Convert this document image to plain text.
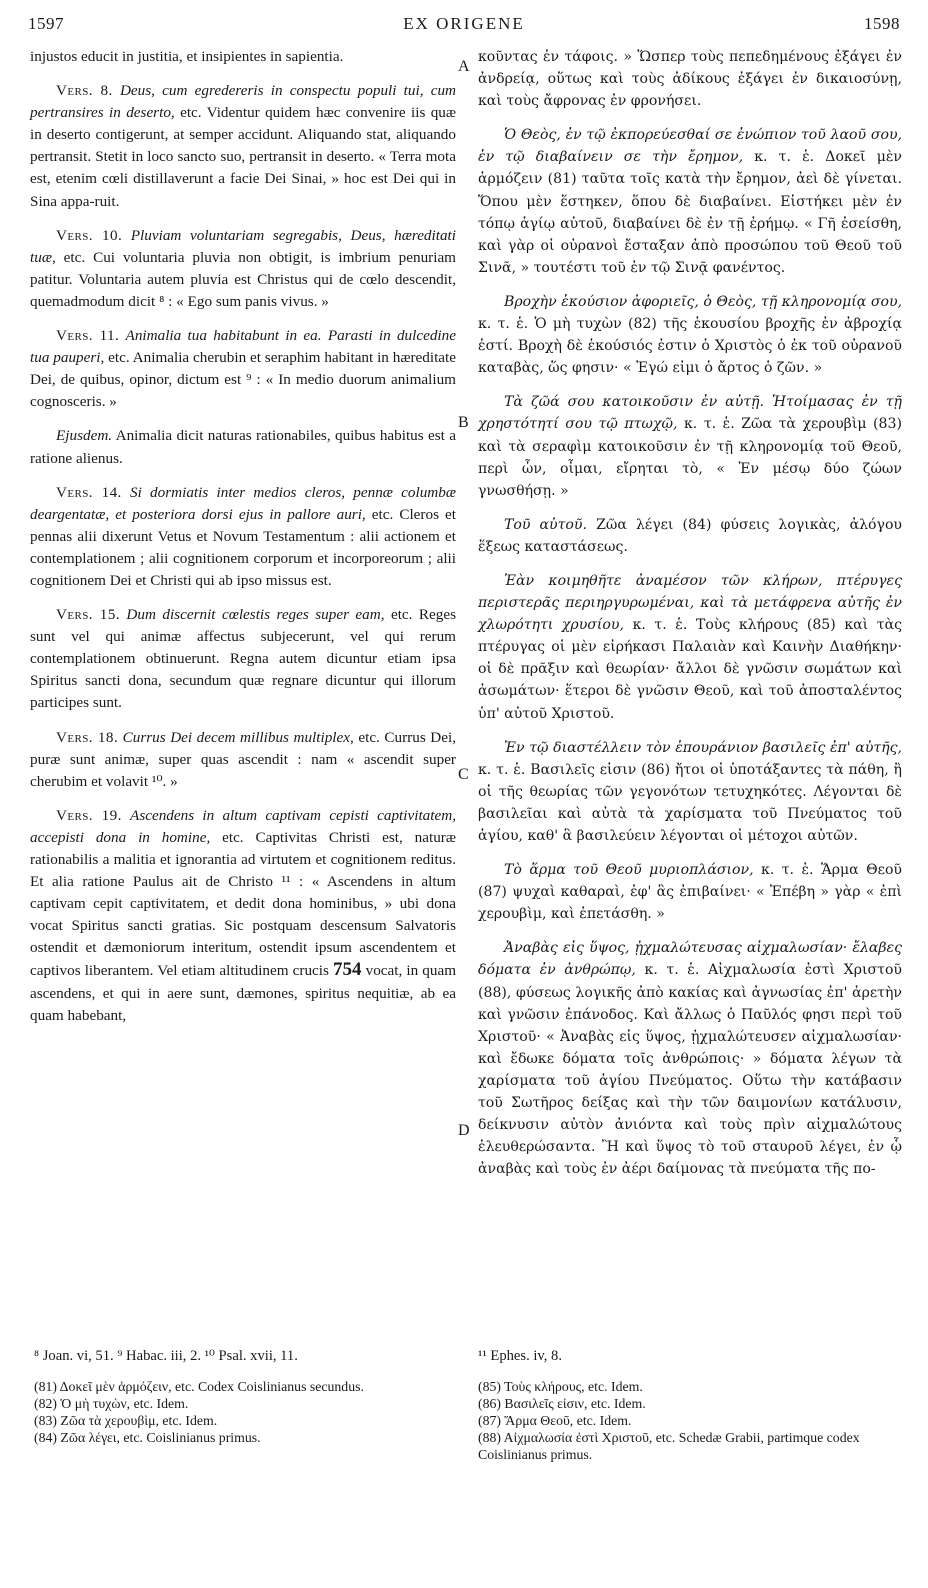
1597	EX ORIGENE	1598
A
B
C
D

injustos educit in justitia, et insipientes in sapientia.

Vers. 8. Deus, cum egredereris in conspectu populi tui, cum pertransires in deserto, etc. Videntur quidem hæc convenire iis quæ in deserto contigerunt, at semper accidunt. Aliquando stat, aliquando pertransit. Stetit in loco sancto suo, pertransit in deserto. « Terra mota est, etenim cœli distillaverunt a facie Dei Sinai, » hoc est Dei qui in Sina appa-ruit.

Vers. 10. Pluviam voluntariam segregabis, Deus, hæreditati tuæ, etc. Cui voluntaria pluvia non obtigit, is imbrium penuriam patitur. Voluntaria autem pluvia est Christus qui de cœlo descendit, quemadmodum dicit ⁸ : « Ego sum panis vivus. »

Vers. 11. Animalia tua habitabunt in ea. Parasti in dulcedine tua pauperi, etc. Animalia cherubin et seraphim habitant in hæreditate Dei, de quibus, opinor, dictum est ⁹ : « In medio duorum animalium cognosceris. »

Ejusdem. Animalia dicit naturas rationabiles, quibus habitus est a ratione alienus.

Vers. 14. Si dormiatis inter medios cleros, pennæ columbæ deargentatæ, et posteriora dorsi ejus in pallore auri, etc. Cleros et pennas alii dixerunt Vetus et Novum Testamentum : alii actionem et contemplationem ; alii cognitionem corporum et incorporeorum ; alii cognitionem Dei et Christi qui ab ipso missus est.

Vers. 15. Dum discernit cœlestis reges super eam, etc. Reges sunt vel qui animæ affectus subjecerunt, vel qui rerum contemplationem obtinuerunt. Regna autem dicuntur etiam ipsa Spiritus sancti dona, secundum quæ regnare dicuntur qui illorum participes sunt.

Vers. 18. Currus Dei decem millibus multiplex, etc. Currus Dei, puræ sunt animæ, super quas ascendit : nam « ascendit super cherubim et volavit ¹⁰. »

Vers. 19. Ascendens in altum captivam cepisti captivitatem, accepisti dona in homine, etc. Captivitas Christi est, naturæ rationabilis a malitia et ignorantia ad virtutem et cognitionem reditus. Et alia ratione Paulus ait de Christo ¹¹ : « Ascendens in altum captivam cepit captivitatem, et dedit dona hominibus, » ubi dona vocat Spiritus sancti gratias. Sic postquam descensum Salvatoris ostendit et dæmoniorum interitum, ostendit ipsum ascendentem et captivos liberantem. Vel etiam altitudinem crucis 754 vocat, in quam ascendens, et qui in aere sunt, dæmones, spiritus nequitiæ, ab ea quam habebant,

κοῦντας ἐν τάφοις. » Ὥσπερ τοὺς πεπεδημένους ἐξάγει ἐν ἀνδρείᾳ, οὕτως καὶ τοὺς ἀδίκους ἐξάγει ἐν δικαιοσύνῃ, καὶ τοὺς ἄφρονας ἐν φρονήσει.

Ὁ Θεὸς, ἐν τῷ ἐκπορεύεσθαί σε ἐνώπιον τοῦ λαοῦ σου, ἐν τῷ διαβαίνειν σε τὴν ἔρημον, κ. τ. ἑ. Δοκεῖ μὲν ἁρμόζειν (81) ταῦτα τοῖς κατὰ τὴν ἔρημον, ἀεὶ δὲ γίνεται. Ὅπου μὲν ἕστηκεν, ὅπου δὲ διαβαίνει. Εἱστήκει μὲν ἐν τόπῳ ἁγίῳ αὐτοῦ, διαβαίνει δὲ ἐν τῇ ἐρήμῳ. « Γῆ ἐσείσθη, καὶ γὰρ οἱ οὐρανοὶ ἔσταξαν ἀπὸ προσώπου τοῦ Θεοῦ τοῦ Σινᾶ, » τουτέστι τοῦ ἐν τῷ Σινᾷ φανέντος.

Βροχὴν ἑκούσιον ἀφοριεῖς, ὁ Θεὸς, τῇ κληρονομίᾳ σου, κ. τ. ἑ. Ὁ μὴ τυχὼν (82) τῆς ἑκουσίου βροχῆς ἐν ἀβροχίᾳ ἐστί. Βροχὴ δὲ ἑκούσιός ἐστιν ὁ Χριστὸς ὁ ἐκ τοῦ οὐρανοῦ καταβὰς, ὥς φησιν· « Ἐγώ εἰμι ὁ ἄρτος ὁ ζῶν. »

Τὰ ζῶά σου κατοικοῦσιν ἐν αὐτῇ. Ἡτοίμασας ἐν τῇ χρηστότητί σου τῷ πτωχῷ, κ. τ. ἑ. Ζῶα τὰ χερουβὶμ (83) καὶ τὰ σεραφὶμ κατοικοῦσιν ἐν τῇ κληρονομίᾳ τοῦ Θεοῦ, περὶ ὧν, οἶμαι, εἴρηται τὸ, « Ἐν μέσῳ δύο ζώων γνωσθήσῃ. »

Τοῦ αὐτοῦ. Ζῶα λέγει (84) φύσεις λογικὰς, ἀλόγου ἕξεως καταστάσεως.

Ἐὰν κοιμηθῆτε ἀναμέσον τῶν κλήρων, πτέρυγες περιστερᾶς περιηργυρωμέναι, καὶ τὰ μετάφρενα αὐτῆς ἐν χλωρότητι χρυσίου, κ. τ. ἑ. Τοὺς κλήρους (85) καὶ τὰς πτέρυγας οἱ μὲν εἰρήκασι Παλαιὰν καὶ Καινὴν Διαθήκην· οἱ δὲ πρᾶξιν καὶ θεωρίαν· ἄλλοι δὲ γνῶσιν σωμάτων καὶ ἀσωμάτων· ἕτεροι δὲ γνῶσιν Θεοῦ, καὶ τοῦ ἀποσταλέντος ὑπ' αὐτοῦ Χριστοῦ.

Ἐν τῷ διαστέλλειν τὸν ἐπουράνιον βασιλεῖς ἐπ' αὐτῆς, κ. τ. ἑ. Βασιλεῖς εἰσιν (86) ἤτοι οἱ ὑποτάξαντες τὰ πάθη, ἢ οἱ τῆς θεωρίας τῶν γεγονότων τετυχηκότες. Λέγονται δὲ βασιλεῖαι καὶ αὐτὰ τὰ χαρίσματα τοῦ Πνεύματος τοῦ ἁγίου, καθ' ἃ βασιλεύειν λέγονται οἱ μέτοχοι αὐτῶν.

Τὸ ἅρμα τοῦ Θεοῦ μυριοπλάσιον, κ. τ. ἑ. Ἅρμα Θεοῦ (87) ψυχαὶ καθαραὶ, ἐφ' ἃς ἐπιβαίνει· « Ἐπέβη » γὰρ « ἐπὶ χερουβὶμ, καὶ ἐπετάσθη. »

Ἀναβὰς εἰς ὕψος, ᾐχμαλώτευσας αἰχμαλωσίαν· ἔλαβες δόματα ἐν ἀνθρώπῳ, κ. τ. ἑ. Αἰχμαλωσία ἐστὶ Χριστοῦ (88), φύσεως λογικῆς ἀπὸ κακίας καὶ ἀγνωσίας ἐπ' ἀρετὴν καὶ γνῶσιν ἐπάνοδος. Καὶ ἄλλως ὁ Παῦλός φησι περὶ τοῦ Χριστοῦ· « Ἀναβὰς εἰς ὕψος, ᾐχμαλώτευσεν αἰχμαλωσίαν· καὶ ἔδωκε δόματα τοῖς ἀνθρώποις· » δόματα λέγων τὰ χαρίσματα τοῦ ἁγίου Πνεύματος. Οὕτω τὴν κατάβασιν τοῦ Σωτῆρος δείξας καὶ τὴν τῶν δαιμονίων κατάλυσιν, δείκνυσιν αὐτὸν ἀνιόντα καὶ τοὺς πρὶν αἰχμαλώτους ἐλευθερώσαντα. Ἢ καὶ ὕψος τὸ τοῦ σταυροῦ λέγει, ἐν ᾧ ἀναβὰς καὶ τοὺς ἐν ἀέρι δαίμονας τὰ πνεύματα τῆς πο-

⁸ Joan. vi, 51. ⁹ Habac. iii, 2. ¹⁰ Psal. xvii, 11.
(81) Δοκεῖ μὲν ἁρμόζειν, etc. Codex Coislinianus secundus.
(82) Ὁ μὴ τυχὼν, etc. Idem.
(83) Ζῶα τὰ χερουβὶμ, etc. Idem.
(84) Ζῶα λέγει, etc. Coislinianus primus.
¹¹ Ephes. iv, 8.
(85) Τοὺς κλήρους, etc. Idem.
(86) Βασιλεῖς εἰσιν, etc. Idem.
(87) Ἅρμα Θεοῦ, etc. Idem.
(88) Αἰχμαλωσία ἐστὶ Χριστοῦ, etc. Schedæ Grabii, partimque codex Coislinianus primus.
